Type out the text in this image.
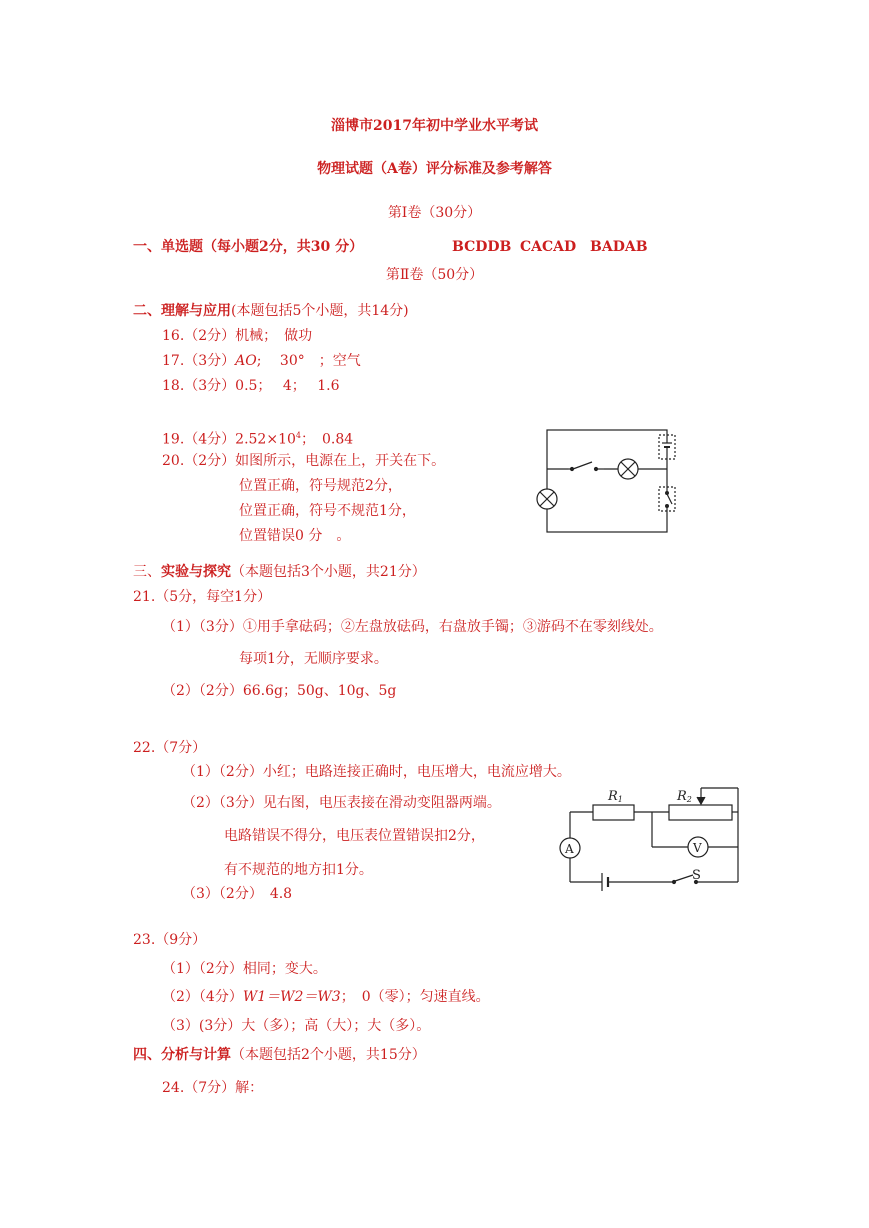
淄博市2017年初中学业水平考试
物理试题（A卷）评分标准及参考解答
第Ⅰ卷（30分）
一、单选题（每小题2分，共30 分）	BCDDB CACAD BADAB
第Ⅱ卷（50分）
二、理解与应用(本题包括5个小题，共14分)
16.（2分）机械；　做功
17.（3分）AO;　 30°　；空气
18.（3分）0.5；　 4；　 1.6
19.（4分）$2.52\times 10^4$；　0.84
20.（2分）如图所示，电源在上，开关在下。
位置正确，符号规范2分，
位置正确，符号不规范1分，
位置错误0 分　。
三、实验与探究（本题包括3个小题，共21分）
21.（5分，每空1分）
（1）（3分）①用手拿砝码；②左盘放砝码，右盘放手镯；③游码不在零刻线处。
每项1分，无顺序要求。
（2）（2分）66.6g；50g、10g、5g
22.（7分）
（1）（2分）小红；电路连接正确时，电压增大，电流应增大。
（2）（3分）见右图，电压表接在滑动变阻器两端。
电路错误不得分，电压表位置错误扣2分，
有不规范的地方扣1分。
（3）（2分）　4.8
R1	R2
A	V
S
23.（9分）
（1）（2分）相同；变大。
（2）（4分）W1＝W2＝W3；　0（零）；匀速直线。
（3）(3分）大（多）；高（大）；大（多）。
四、分析与计算（本题包括2个小题，共15分）
24.（7分）解：
